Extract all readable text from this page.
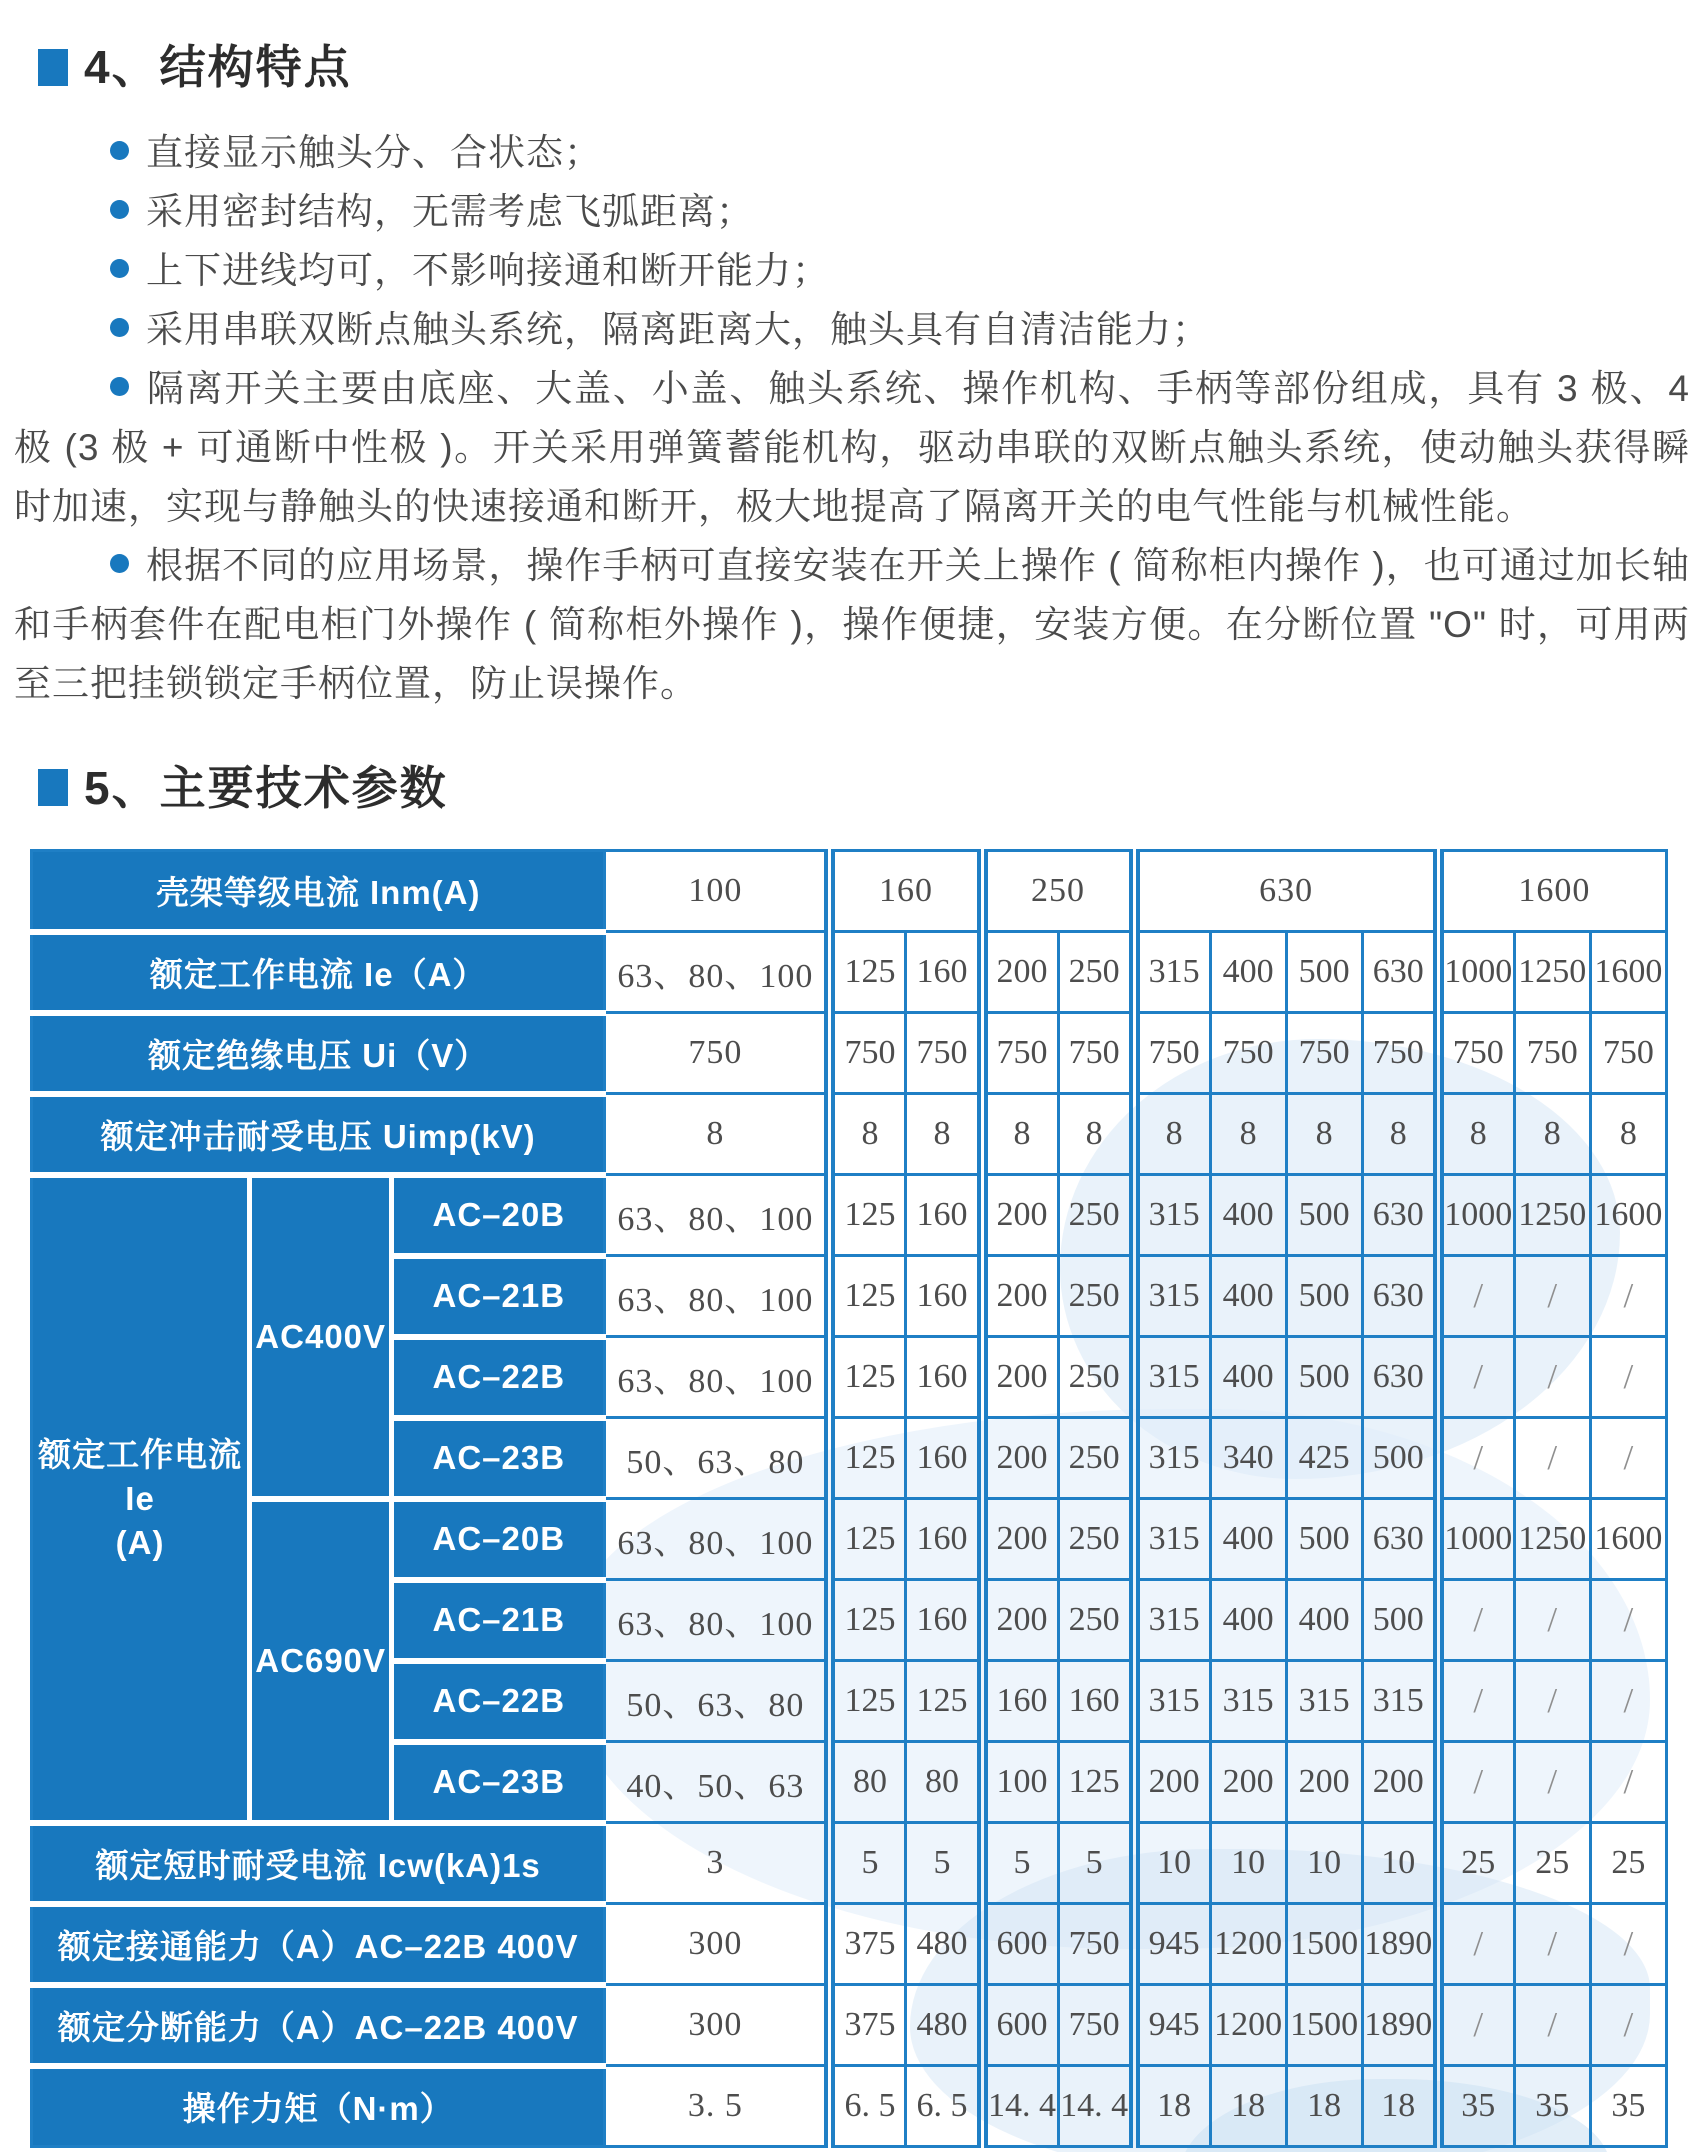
4、结构特点

直接显示触头分、合状态；

采用密封结构，无需考虑飞弧距离；

上下进线均可，不影响接通和断开能力；

采用串联双断点触头系统，隔离距离大，触头具有自清洁能力；

隔离开关主要由底座、大盖、小盖、触头系统、操作机构、手柄等部份组成，具有 3 极、4 极 (3 极 + 可通断中性极 )。开关采用弹簧蓄能机构，驱动串联的双断点触头系统，使动触头获得瞬时加速，实现与静触头的快速接通和断开，极大地提高了隔离开关的电气性能与机械性能。

根据不同的应用场景，操作手柄可直接安装在开关上操作 ( 简称柜内操作 )，也可通过加长轴和手柄套件在配电柜门外操作 ( 简称柜外操作 )，操作便捷，安装方便。在分断位置 "O" 时，可用两至三把挂锁锁定手柄位置，防止误操作。

5、主要技术参数
壳架等级电流 Inm(A)			100	160		250		630				1600		
额定工作电流 Ie（A）			63、80、100	125	160	200	250	315	400	500	630	1000	1250	1600
额定绝缘电压 Ui（V）			750	750	750	750	750	750	750	750	750	750	750	750
额定冲击耐受电压 Uimp(kV)			8	8	8	8	8	8	8	8	8	8	8	8

额定工作电流
Ie
(A)	AC400V	AC–20B	63、80、100	125	160	200	250	315	400	500	630	1000	1250	1600
		AC–21B	63、80、100	125	160	200	250	315	400	500	630	/	/	/
		AC–22B	63、80、100	125	160	200	250	315	400	500	630	/	/	/
		AC–23B	50、63、80	125	160	200	250	315	340	425	500	/	/	/
	AC690V	AC–20B	63、80、100	125	160	200	250	315	400	500	630	1000	1250	1600
		AC–21B	63、80、100	125	160	200	250	315	400	400	500	/	/	/
		AC–22B	50、63、80	125	125	160	160	315	315	315	315	/	/	/
		AC–23B	40、50、63	80	80	100	125	200	200	200	200	/	/	/
额定短时耐受电流 Icw(kA)1s			3	5	5	5	5	10	10	10	10	25	25	25
额定接通能力（A）AC–22B 400V			300	375	480	600	750	945	1200	1500	1890	/	/	/
额定分断能力（A）AC–22B 400V			300	375	480	600	750	945	1200	1500	1890	/	/	/
操作力矩（N·m）			3. 5	6. 5	6. 5	14. 4	14. 4	18	18	18	18	35	35	35
